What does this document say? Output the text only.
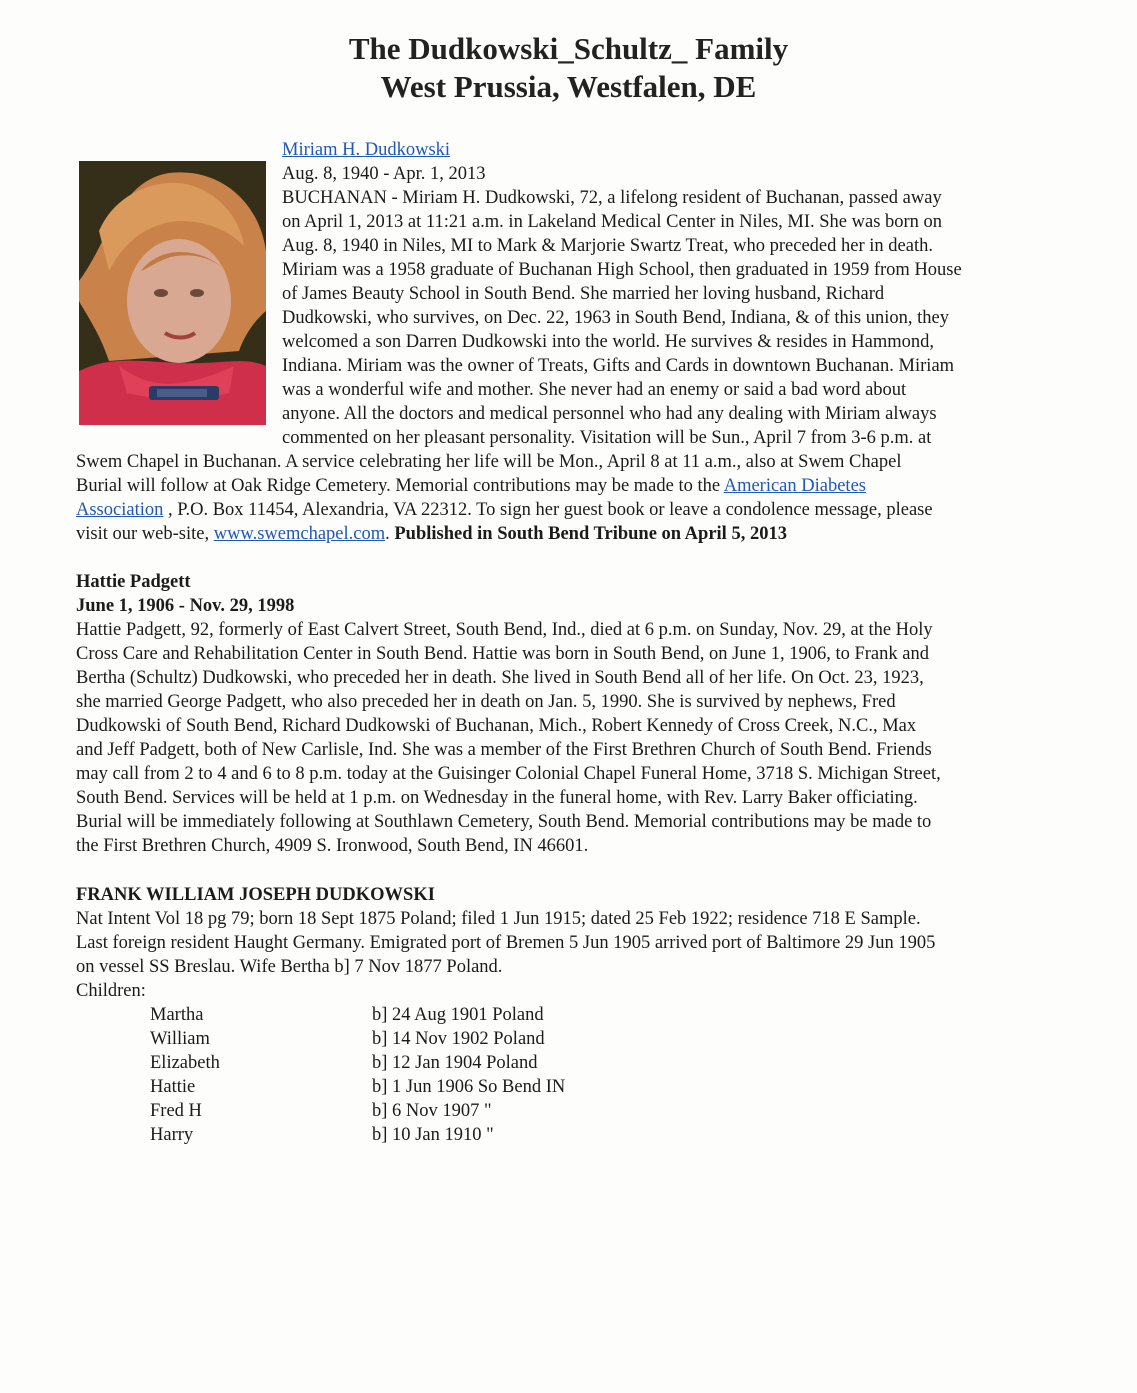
The Dudkowski_Schultz_ Family
West Prussia, Westfalen, DE
Miriam H. Dudkowski
Aug. 8, 1940 - Apr. 1, 2013
BUCHANAN - Miriam H. Dudkowski, 72, a lifelong resident of Buchanan, passed away
on April 1, 2013 at 11:21 a.m. in Lakeland Medical Center in Niles, MI. She was born on
Aug. 8, 1940 in Niles, MI to Mark & Marjorie Swartz Treat, who preceded her in death.
Miriam was a 1958 graduate of Buchanan High School, then graduated in 1959 from House
of James Beauty School in South Bend. She married her loving husband, Richard
Dudkowski, who survives, on Dec. 22, 1963 in South Bend, Indiana, & of this union, they
welcomed a son Darren Dudkowski into the world. He survives & resides in Hammond,
Indiana. Miriam was the owner of Treats, Gifts and Cards in downtown Buchanan. Miriam
was a wonderful wife and mother. She never had an enemy or said a bad word about
anyone. All the doctors and medical personnel who had any dealing with Miriam always
commented on her pleasant personality. Visitation will be Sun., April 7 from 3-6 p.m. at
Swem Chapel in Buchanan. A service celebrating her life will be Mon., April 8 at 11 a.m., also at Swem Chapel
Burial will follow at Oak Ridge Cemetery. Memorial contributions may be made to the American Diabetes
Association , P.O. Box 11454, Alexandria, VA 22312. To sign her guest book or leave a condolence message, please
visit our web-site, www.swemchapel.com. Published in South Bend Tribune on April 5, 2013
Hattie Padgett
June 1, 1906 - Nov. 29, 1998
Hattie Padgett, 92, formerly of East Calvert Street, South Bend, Ind., died at 6 p.m. on Sunday, Nov. 29, at the Holy
Cross Care and Rehabilitation Center in South Bend. Hattie was born in South Bend, on June 1, 1906, to Frank and
Bertha (Schultz) Dudkowski, who preceded her in death. She lived in South Bend all of her life. On Oct. 23, 1923,
she married George Padgett, who also preceded her in death on Jan. 5, 1990. She is survived by nephews, Fred
Dudkowski of South Bend, Richard Dudkowski of Buchanan, Mich., Robert Kennedy of Cross Creek, N.C., Max
and Jeff Padgett, both of New Carlisle, Ind. She was a member of the First Brethren Church of South Bend. Friends
may call from 2 to 4 and 6 to 8 p.m. today at the Guisinger Colonial Chapel Funeral Home, 3718 S. Michigan Street,
South Bend. Services will be held at 1 p.m. on Wednesday in the funeral home, with Rev. Larry Baker officiating.
Burial will be immediately following at Southlawn Cemetery, South Bend. Memorial contributions may be made to
the First Brethren Church, 4909 S. Ironwood, South Bend, IN 46601.
FRANK WILLIAM JOSEPH DUDKOWSKI
Nat Intent Vol 18 pg 79; born 18 Sept 1875 Poland; filed 1 Jun 1915; dated 25 Feb 1922; residence 718 E Sample.
Last foreign resident Haught Germany. Emigrated port of Bremen 5 Jun 1905 arrived port of Baltimore 29 Jun 1905
on vessel SS Breslau. Wife Bertha b] 7 Nov 1877 Poland.
Children:
Martha	b] 24 Aug 1901 Poland
William	b] 14 Nov 1902 Poland
Elizabeth	b] 12 Jan 1904 Poland
Hattie	b] 1 Jun 1906 So Bend IN
Fred H	b] 6 Nov 1907 "
Harry	b] 10 Jan 1910 "
